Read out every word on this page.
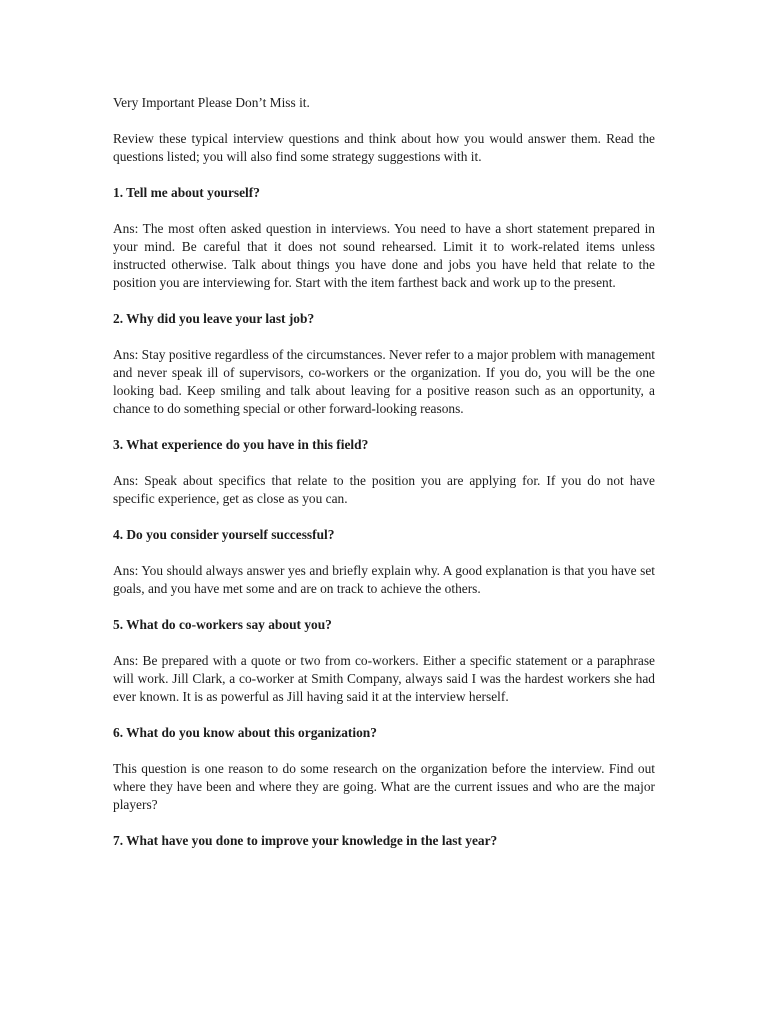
Very Important Please Don’t Miss it.

Review these typical interview questions and think about how you would answer them. Read the questions listed; you will also find some strategy suggestions with it.

1. Tell me about yourself?

Ans: The most often asked question in interviews. You need to have a short statement prepared in your mind. Be careful that it does not sound rehearsed. Limit it to work-related items unless instructed otherwise. Talk about things you have done and jobs you have held that relate to the position you are interviewing for. Start with the item farthest back and work up to the present.

2. Why did you leave your last job?

Ans: Stay positive regardless of the circumstances. Never refer to a major problem with management and never speak ill of supervisors, co-workers or the organization. If you do, you will be the one looking bad. Keep smiling and talk about leaving for a positive reason such as an opportunity, a chance to do something special or other forward-looking reasons.

3. What experience do you have in this field?

Ans: Speak about specifics that relate to the position you are applying for. If you do not have specific experience, get as close as you can.

4. Do you consider yourself successful?

Ans: You should always answer yes and briefly explain why. A good explanation is that you have set goals, and you have met some and are on track to achieve the others.

5. What do co-workers say about you?

Ans: Be prepared with a quote or two from co-workers. Either a specific statement or a paraphrase will work. Jill Clark, a co-worker at Smith Company, always said I was the hardest workers she had ever known. It is as powerful as Jill having said it at the interview herself.

6. What do you know about this organization?

This question is one reason to do some research on the organization before the interview. Find out where they have been and where they are going. What are the current issues and who are the major players?

7. What have you done to improve your knowledge in the last year?
